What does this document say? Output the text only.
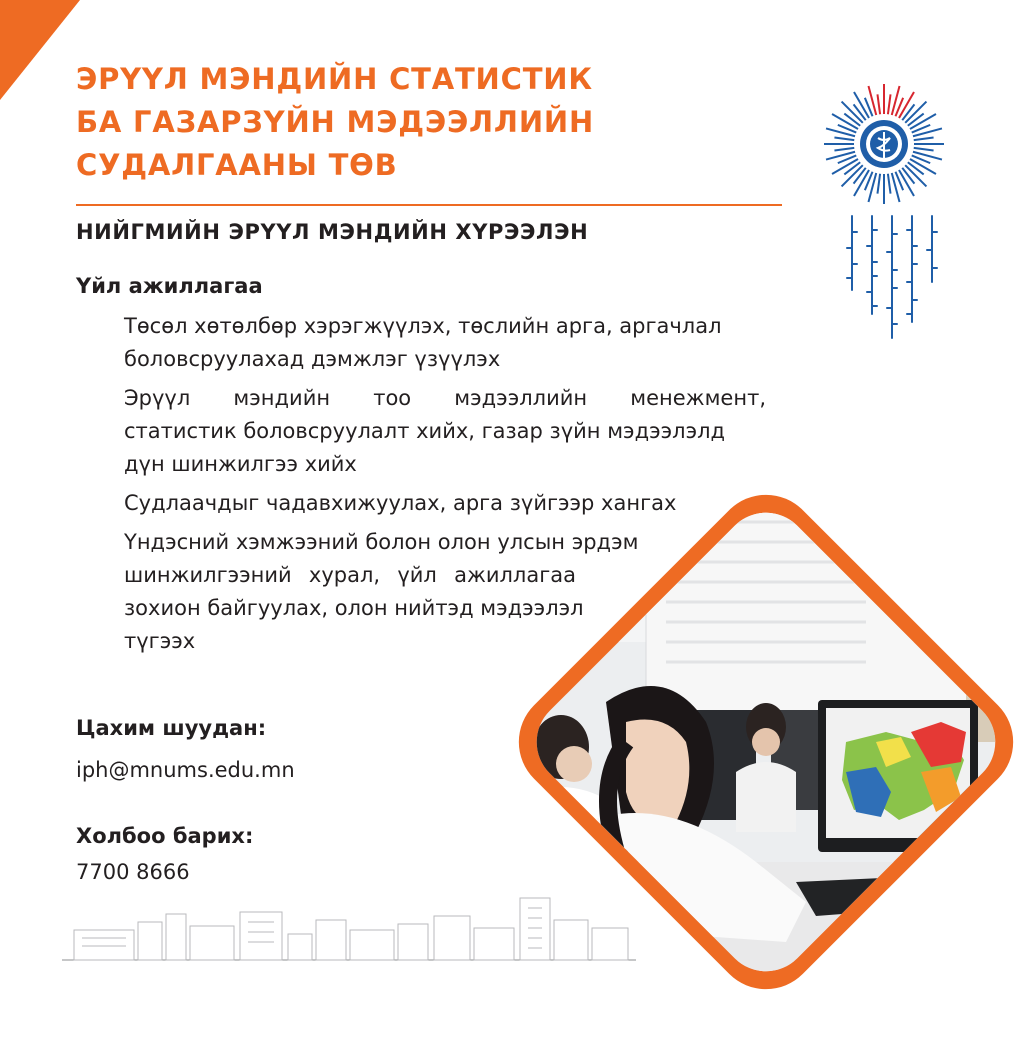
ЭРҮҮЛ МЭНДИЙН СТАТИСТИК
БА ГАЗАРЗҮЙН МЭДЭЭЛЛИЙН
СУДАЛГААНЫ ТӨВ
НИЙГМИЙН ЭРҮҮЛ МЭНДИЙН ХҮРЭЭЛЭН
Үйл ажиллагаа
Төсөл хөтөлбөр хэрэгжүүлэх, төслийн арга, аргачлал
боловсруулахад дэмжлэг үзүүлэх
Эрүүл мэндийн тоо мэдээллийн менежмент,
статистик боловсруулалт хийх, газар зүйн мэдээлэлд
дүн шинжилгээ хийх
Судлаачдыг чадавхижуулах, арга зүйгээр хангах
Үндэсний хэмжээний болон олон улсын эрдэм
шинжилгээний хурал, үйл ажиллагаа
зохион байгуулах, олон нийтэд мэдээлэл
түгээх

Цахим шуудан:

iph@mnums.edu.mn

Холбоо барих:

7700 8666
